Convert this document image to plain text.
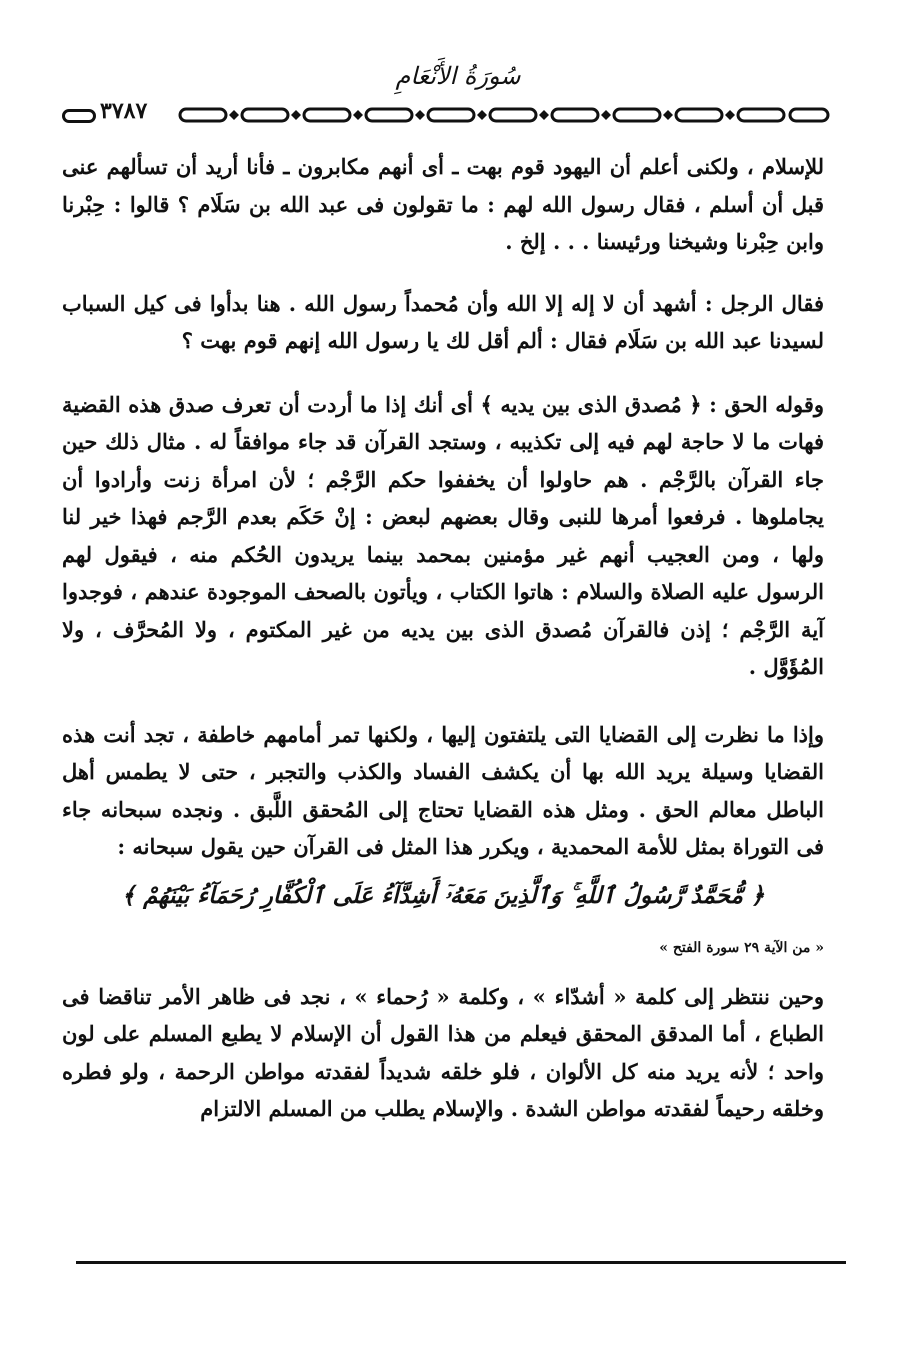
سُورَةُ الأَنْعَامِ
٣٧٨٧

للإسلام ، ولكنى أعلم أن اليهود قوم بهت ـ أى أنهم مكابرون ـ فأنا أريد أن تسألهم عنى قبل أن أسلم ، فقال رسول الله لهم : ما تقولون فى عبد الله بن سَلَام ؟ قالوا : حِبْرنا وابن حِبْرنا وشيخنا ورئيسنا . . . إلخ .

فقال الرجل : أشهد أن لا إله إلا الله وأن مُحمداً رسول الله . هنا بدأوا فى كيل السباب لسيدنا عبد الله بن سَلَام فقال : ألم أقل لك يا رسول الله إنهم قوم بهت ؟

وقوله الحق : ﴿ مُصدق الذى بين يديه ﴾ أى أنك إذا ما أردت أن تعرف صدق هذه القضية فهات ما لا حاجة لهم فيه إلى تكذيبه ، وستجد القرآن قد جاء موافقاً له . مثال ذلك حين جاء القرآن بالرَّجْم . هم حاولوا أن يخففوا حكم الرَّجْم ؛ لأن امرأة زنت وأرادوا أن يجاملوها . فرفعوا أمرها للنبى وقال بعضهم لبعض : إنْ حَكَم بعدم الرَّجم فهذا خير لنا ولها ، ومن العجيب أنهم غير مؤمنين بمحمد بينما يريدون الحُكم منه ، فيقول لهم الرسول عليه الصلاة والسلام : هاتوا الكتاب ، ويأتون بالصحف الموجودة عندهم ، فوجدوا آية الرَّجْم ؛ إذن فالقرآن مُصدق الذى بين يديه من غير المكتوم ، ولا المُحرَّف ، ولا المُؤَوَّل .

وإذا ما نظرت إلى القضايا التى يلتفتون إليها ، ولكنها تمر أمامهم خاطفة ، تجد أنت هذه القضايا وسيلة يريد الله بها أن يكشف الفساد والكذب والتجبر ، حتى لا يطمس أهل الباطل معالم الحق . ومثل هذه القضايا تحتاج إلى المُحقق اللَّبق . ونجده سبحانه جاء فى التوراة بمثل للأمة المحمدية ، ويكرر هذا المثل فى القرآن حين يقول سبحانه :

﴿ مُّحَمَّدٌ رَّسُولُ ٱللَّهِ ۚ وَٱلَّذِينَ مَعَهُۥٓ أَشِدَّآءُ عَلَى ٱلْكُفَّارِ رُحَمَآءُ بَيْنَهُمْ ﴾
« من الآية ٢٩ سورة الفتح »

وحين ننتظر إلى كلمة « أشدّاء » ، وكلمة « رُحماء » ، نجد فى ظاهر الأمر تناقضا فى الطباع ، أما المدقق المحقق فيعلم من هذا القول أن الإسلام لا يطبع المسلم على لون واحد ؛ لأنه يريد منه كل الألوان ، فلو خلقه شديداً لفقدته مواطن الرحمة ، ولو فطره وخلقه رحيماً لفقدته مواطن الشدة . والإسلام يطلب من المسلم الالتزام
